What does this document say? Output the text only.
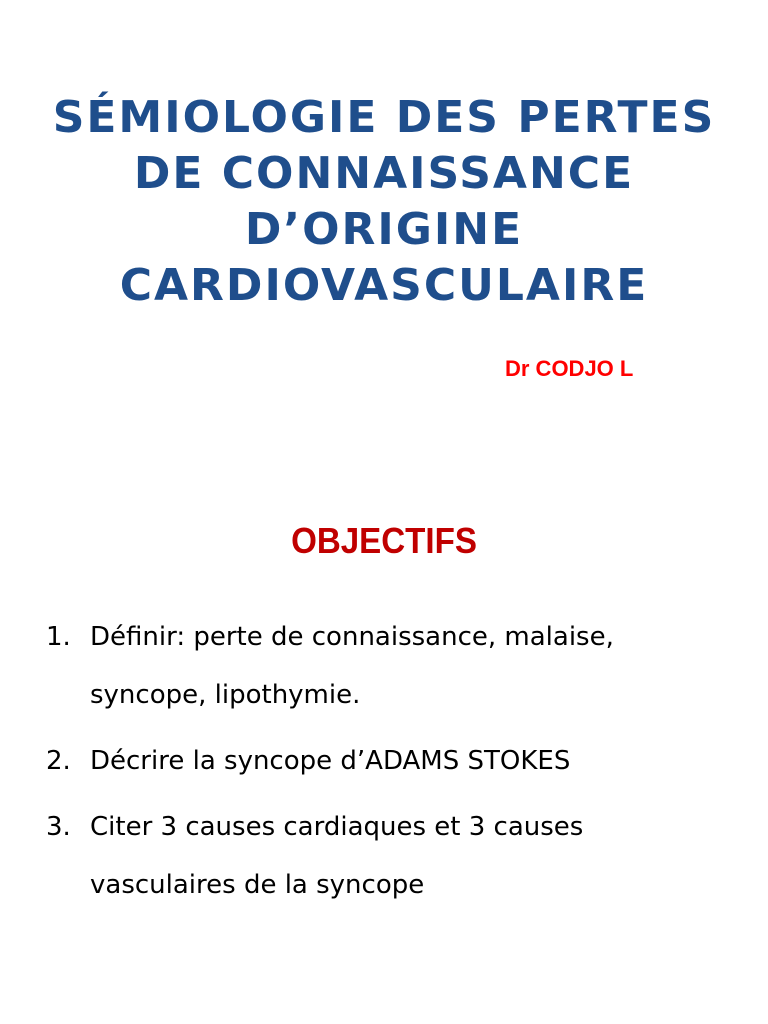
SÉMIOLOGIE DES PERTES
DE CONNAISSANCE
D’ORIGINE
CARDIOVASCULAIRE
Dr CODJO L
OBJECTIFS
1. Définir: perte de connaissance, malaise, syncope, lipothymie.
2. Décrire la syncope d’ADAMS STOKES
3. Citer 3 causes cardiaques et 3 causes vasculaires de la syncope
